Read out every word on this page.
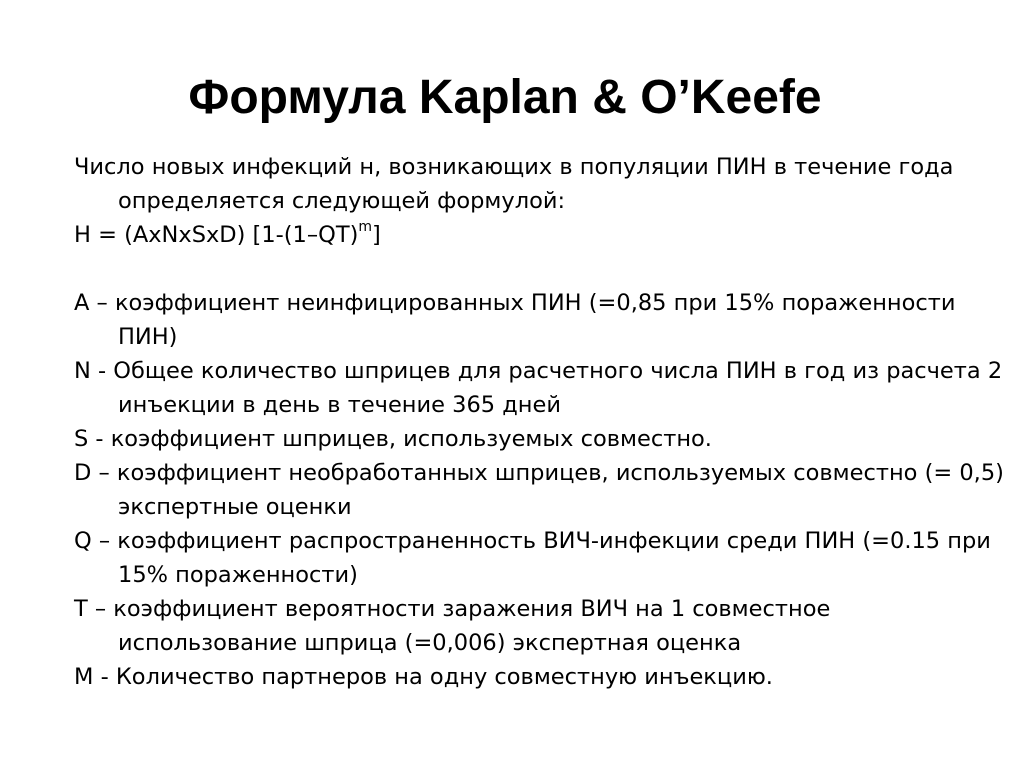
Формула Kaplan & O’Keefe

Число новых инфекций н, возникающих в популяции ПИН в течение года определяется следующей формулой:

H = (AxNxSxD) $[1-(1-QT)^m]$

A – коэффициент неинфицированных ПИН (=0,85 при 15% пораженности ПИН)

N - Общее количество шприцев для расчетного числа ПИН в год из расчета 2 инъекции в день в течение 365 дней

S - коэффициент шприцев, используемых совместно.

D – коэффициент необработанных шприцев, используемых совместно (= 0,5) экспертные оценки

Q – коэффициент распространенность ВИЧ-инфекции среди ПИН (=0.15 при 15% пораженности)

T – коэффициент вероятности заражения ВИЧ на 1 совместное использование шприца (=0,006) экспертная оценка

M - Количество партнеров на одну совместную инъекцию.
